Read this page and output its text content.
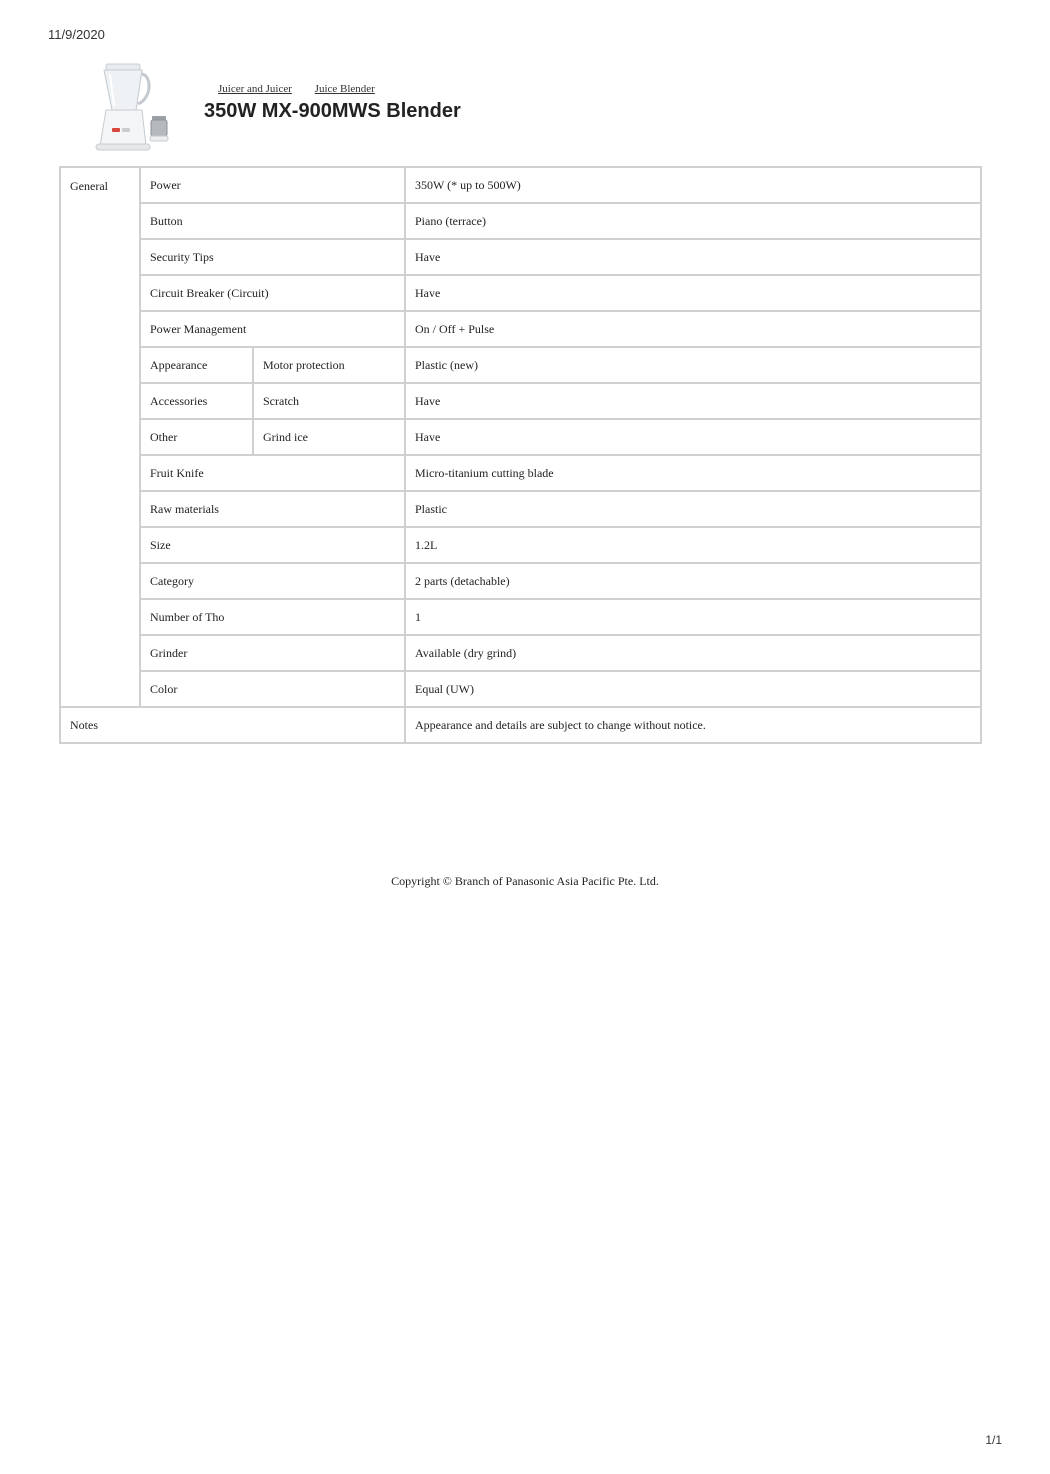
11/9/2020
Juicer and Juicer Juice Blender
350W MX-900MWS Blender
General	Power		350W (* up to 500W)
	Button		Piano (terrace)
	Security Tips		Have
	Circuit Breaker (Circuit)		Have
	Power Management		On / Off + Pulse
	Appearance	Motor protection	Plastic (new)
	Accessories	Scratch	Have
	Other	Grind ice	Have
	Fruit Knife		Micro-titanium cutting blade
	Raw materials		Plastic
	Size		1.2L
	Category		2 parts (detachable)
	Number of Tho		1
	Grinder		Available (dry grind)
	Color		Equal (UW)
Notes			Appearance and details are subject to change without notice.
Copyright © Branch of Panasonic Asia Pacific Pte. Ltd.
1/1
